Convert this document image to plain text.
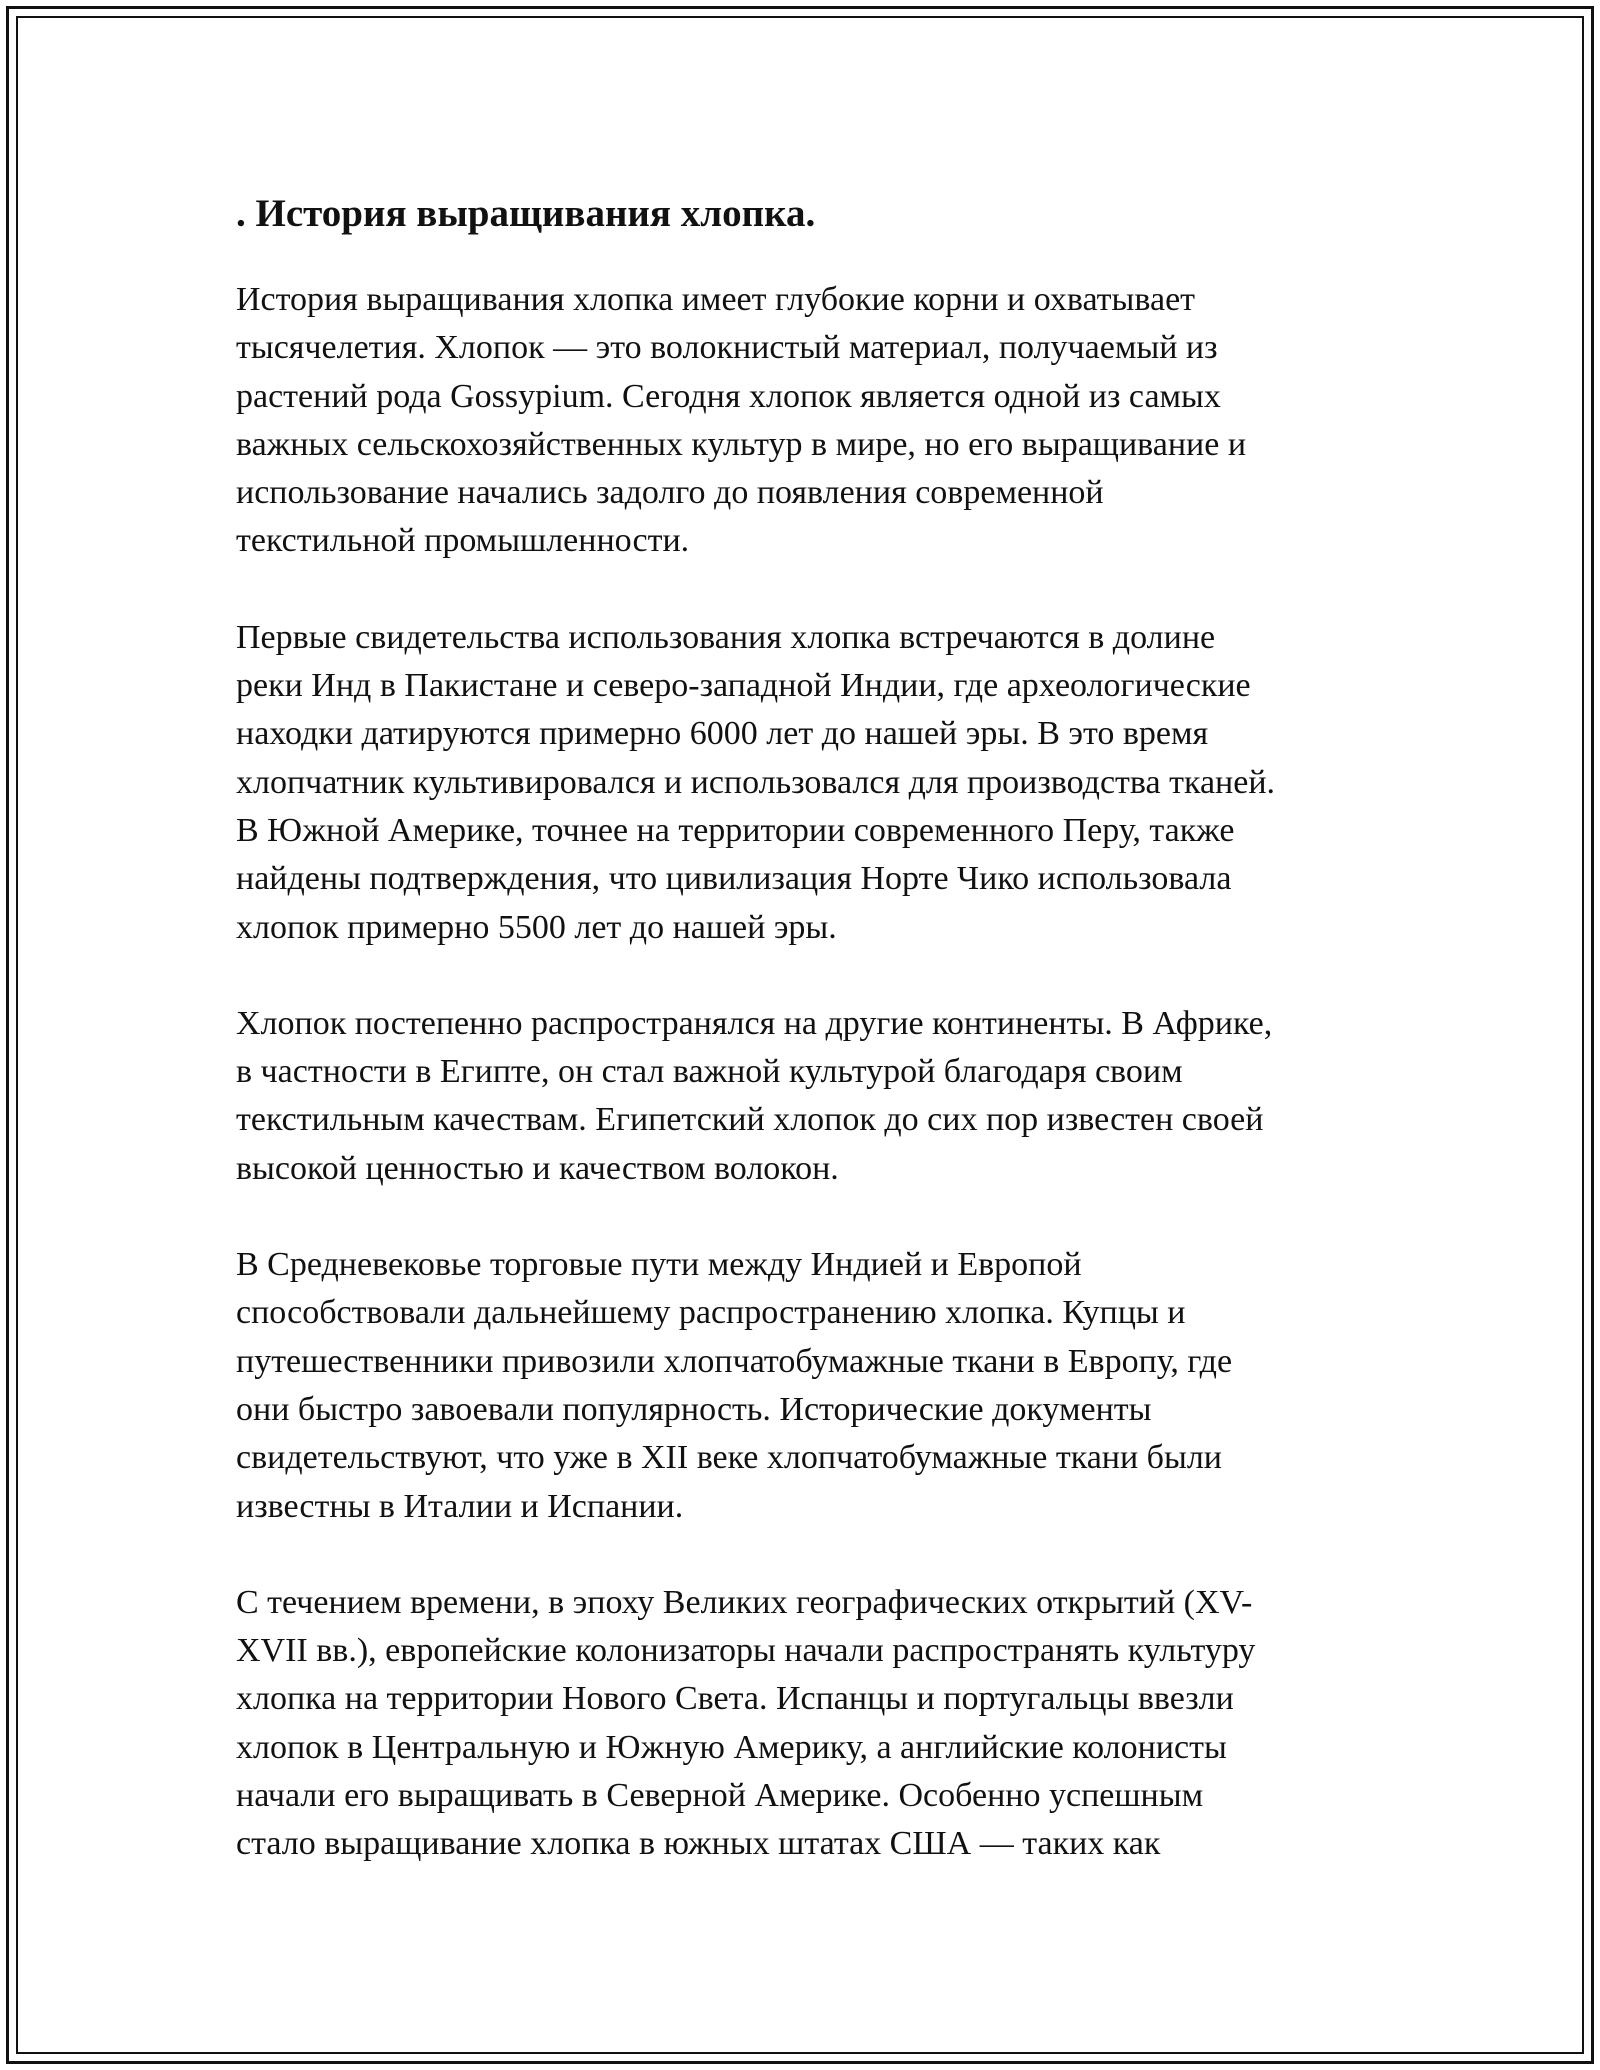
. История выращивания хлопка.

История выращивания хлопка имеет глубокие корни и охватывает
тысячелетия. Хлопок — это волокнистый материал, получаемый из
растений рода Gossypium. Сегодня хлопок является одной из самых
важных сельскохозяйственных культур в мире, но его выращивание и
использование начались задолго до появления современной
текстильной промышленности.

Первые свидетельства использования хлопка встречаются в долине
реки Инд в Пакистане и северо-западной Индии, где археологические
находки датируются примерно 6000 лет до нашей эры. В это время
хлопчатник культивировался и использовался для производства тканей.
В Южной Америке, точнее на территории современного Перу, также
найдены подтверждения, что цивилизация Норте Чико использовала
хлопок примерно 5500 лет до нашей эры.

Хлопок постепенно распространялся на другие континенты. В Африке,
в частности в Египте, он стал важной культурой благодаря своим
текстильным качествам. Египетский хлопок до сих пор известен своей
высокой ценностью и качеством волокон.

В Средневековье торговые пути между Индией и Европой
способствовали дальнейшему распространению хлопка. Купцы и
путешественники привозили хлопчатобумажные ткани в Европу, где
они быстро завоевали популярность. Исторические документы
свидетельствуют, что уже в XII веке хлопчатобумажные ткани были
известны в Италии и Испании.

С течением времени, в эпоху Великих географических открытий (XV-
XVII вв.), европейские колонизаторы начали распространять культуру
хлопка на территории Нового Света. Испанцы и португальцы ввезли
хлопок в Центральную и Южную Америку, а английские колонисты
начали его выращивать в Северной Америке. Особенно успешным
стало выращивание хлопка в южных штатах США — таких как
